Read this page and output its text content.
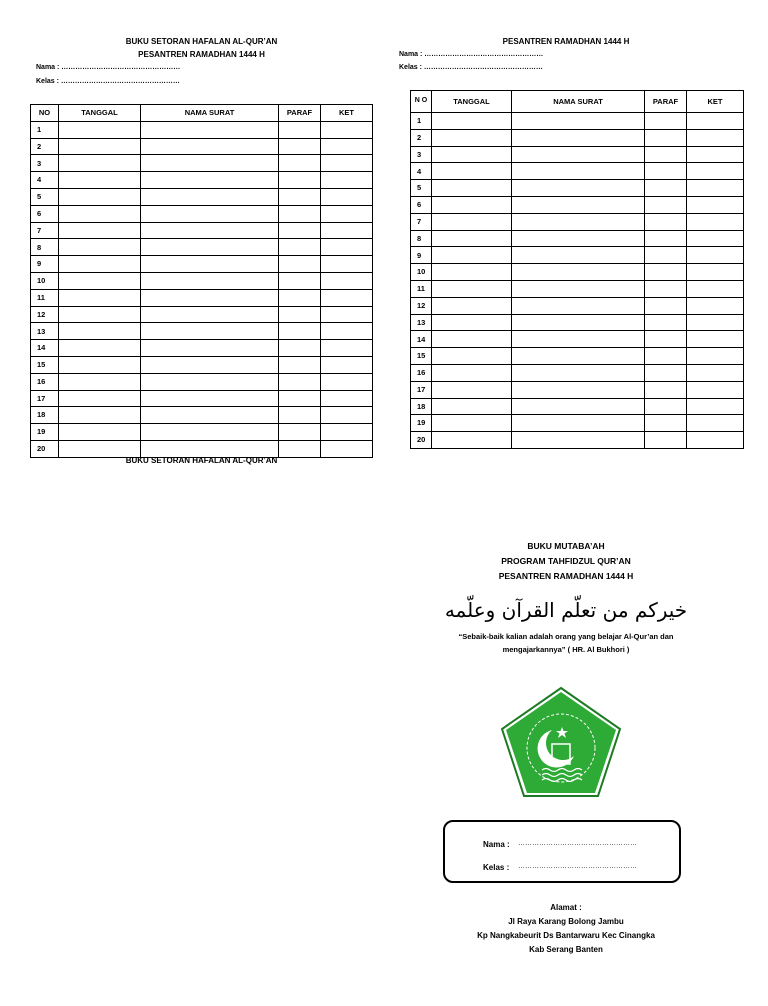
BUKU SETORAN HAFALAN AL-QUR’AN
PESANTREN RAMADHAN 1444 H
Nama : ……………………………………………
Kelas : ……………………………………………
NO	TANGGAL	NAMA SURAT	PARAF	KET
1				
2				
3				
4				
5				
6				
7				
8				
9				
10				
11				
12				
13				
14				
15				
16				
17				
18				
19				
20				
BUKU SETORAN HAFALAN AL-QUR’AN
PESANTREN RAMADHAN 1444 H
Nama : ……………………………………………
Kelas : ……………………………………………
N O	TANGGAL	NAMA SURAT	PARAF	KET
1				
2				
3				
4				
5				
6				
7				
8				
9				
10				
11				
12				
13				
14				
15				
16				
17				
18				
19				
20				
BUKU MUTABA’AH
PROGRAM TAHFIDZUL QUR’AN
PESANTREN RAMADHAN 1444 H
خيركم من تعلّم القرآن وعلّمه
“Sebaik-baik kalian adalah orang yang belajar Al-Qur’an dan
mengajarkannya” ( HR. Al Bukhori )
Nama : ……………………………………………
Kelas : ……………………………………………
Alamat :
Jl Raya Karang Bolong Jambu
Kp Nangkabeurit Ds Bantarwaru Kec Cinangka
Kab Serang Banten
